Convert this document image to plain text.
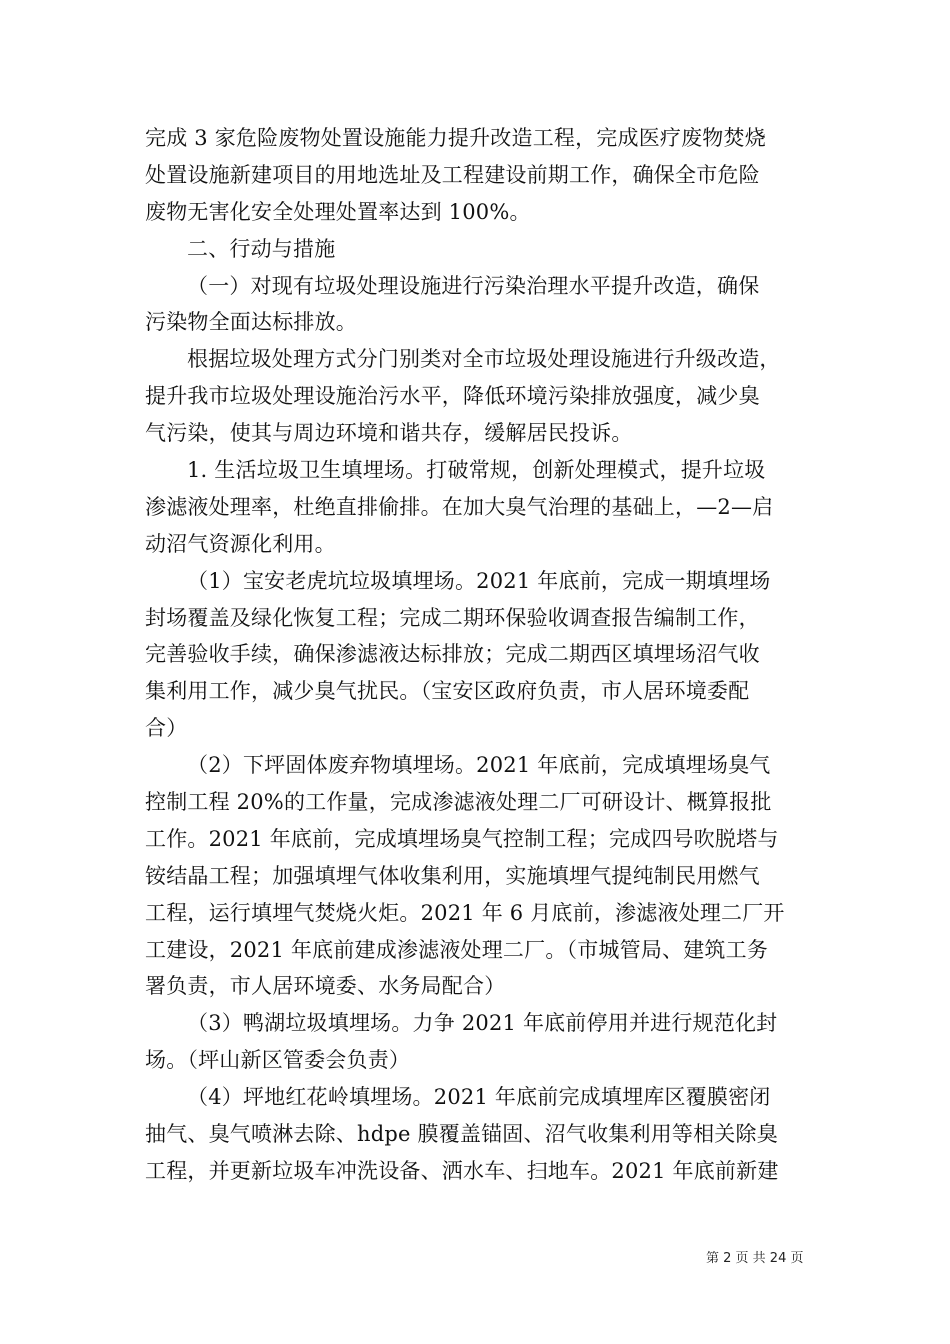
完成 3 家危险废物处置设施能力提升改造工程，完成医疗废物焚烧
处置设施新建项目的用地选址及工程建设前期工作，确保全市危险
废物无害化安全处理处置率达到 100%。
二、行动与措施
（一）对现有垃圾处理设施进行污染治理水平提升改造，确保
污染物全面达标排放。
根据垃圾处理方式分门别类对全市垃圾处理设施进行升级改造，
提升我市垃圾处理设施治污水平，降低环境污染排放强度，减少臭
气污染，使其与周边环境和谐共存，缓解居民投诉。
1. 生活垃圾卫生填埋场。打破常规，创新处理模式，提升垃圾
渗滤液处理率，杜绝直排偷排。在加大臭气治理的基础上，—2—启
动沼气资源化利用。
（1）宝安老虎坑垃圾填埋场。2021 年底前，完成一期填埋场
封场覆盖及绿化恢复工程；完成二期环保验收调查报告编制工作，
完善验收手续，确保渗滤液达标排放；完成二期西区填埋场沼气收
集利用工作，减少臭气扰民。（宝安区政府负责，市人居环境委配
合）
（2）下坪固体废弃物填埋场。2021 年底前，完成填埋场臭气
控制工程 20%的工作量，完成渗滤液处理二厂可研设计、概算报批
工作。2021 年底前，完成填埋场臭气控制工程；完成四号吹脱塔与
铵结晶工程；加强填埋气体收集利用，实施填埋气提纯制民用燃气
工程，运行填埋气焚烧火炬。2021 年 6 月底前，渗滤液处理二厂开
工建设，2021 年底前建成渗滤液处理二厂。（市城管局、建筑工务
署负责，市人居环境委、水务局配合）
（3）鸭湖垃圾填埋场。力争 2021 年底前停用并进行规范化封
场。（坪山新区管委会负责）
（4）坪地红花岭填埋场。2021 年底前完成填埋库区覆膜密闭
抽气、臭气喷淋去除、hdpe 膜覆盖锚固、沼气收集利用等相关除臭
工程，并更新垃圾车冲洗设备、洒水车、扫地车。2021 年底前新建
第 2 页 共 24 页
